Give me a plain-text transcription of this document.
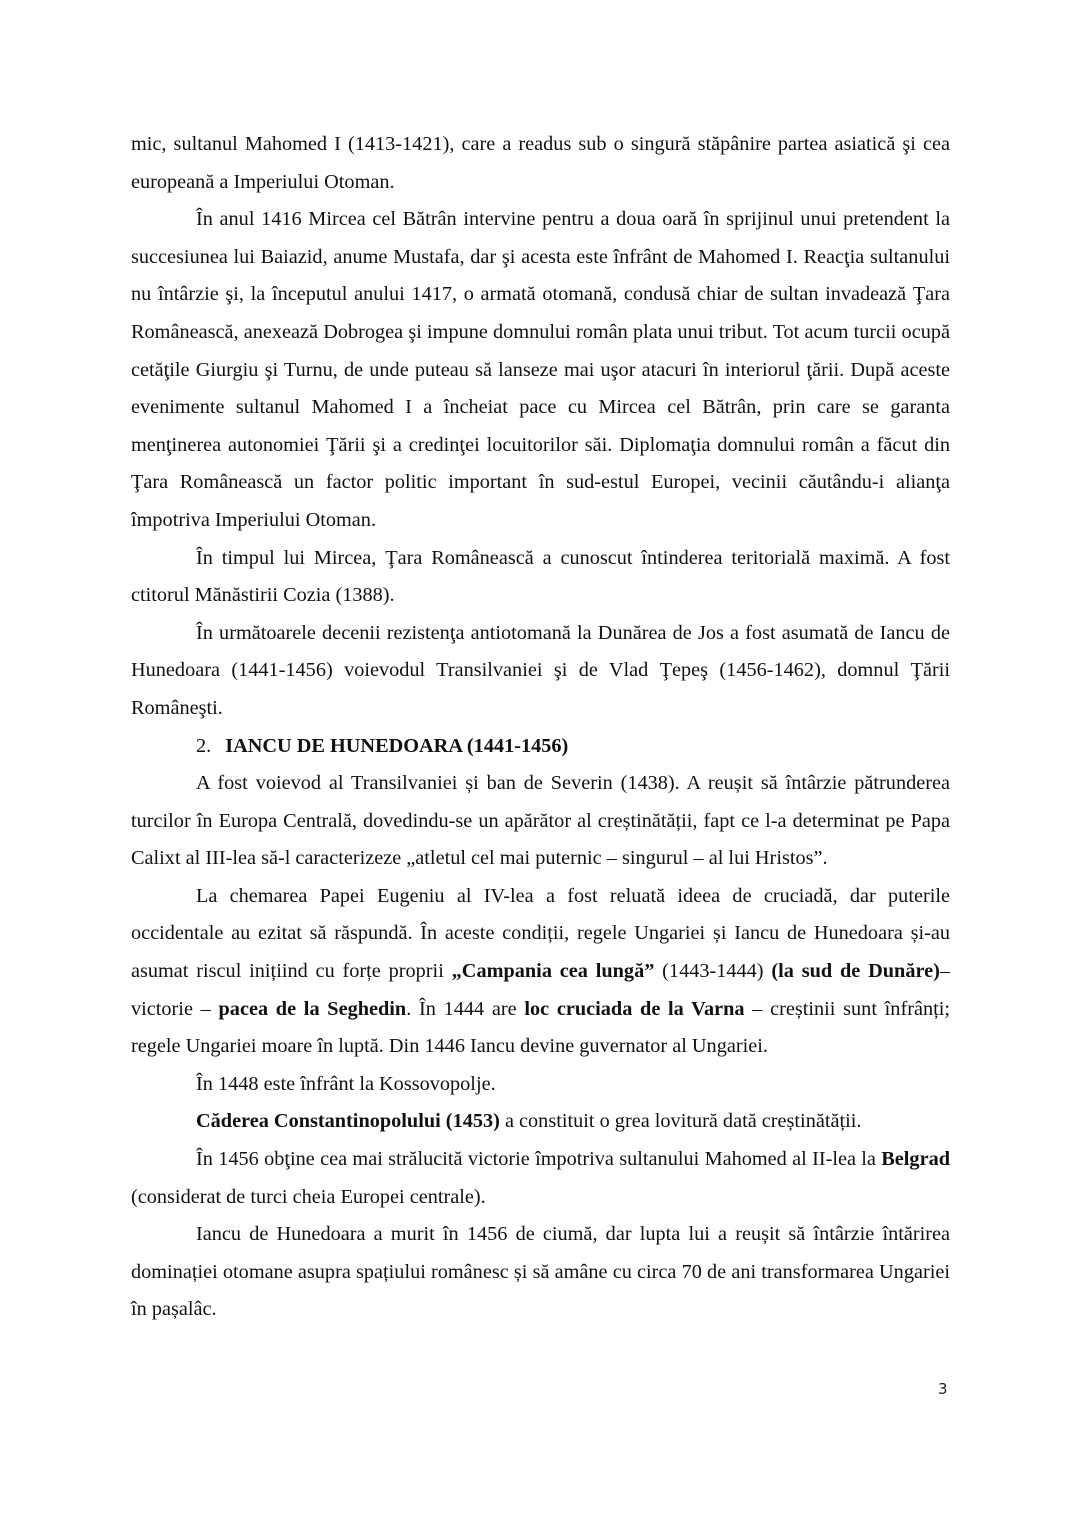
mic, sultanul Mahomed I (1413-1421), care a readus sub o singură stăpânire partea asiatică şi cea europeană a Imperiului Otoman.

În anul 1416 Mircea cel Bătrân intervine pentru a doua oară în sprijinul unui pretendent la succesiunea lui Baiazid, anume Mustafa, dar şi acesta este înfrânt de Mahomed I. Reacţia sultanului nu întârzie şi, la începutul anului 1417, o armată otomană, condusă chiar de sultan invadează Ţara Românească, anexează Dobrogea şi impune domnului român plata unui tribut. Tot acum turcii ocupă cetăţile Giurgiu şi Turnu, de unde puteau să lanseze mai uşor atacuri în interiorul ţării. După aceste evenimente sultanul Mahomed I a încheiat pace cu Mircea cel Bătrân, prin care se garanta menţinerea autonomiei Ţării şi a credinţei locuitorilor săi. Diplomaţia domnului român a făcut din Ţara Românească un factor politic important în sud-estul Europei, vecinii căutându-i alianţa împotriva Imperiului Otoman.

În timpul lui Mircea, Ţara Românească a cunoscut întinderea teritorială maximă. A fost ctitorul Mănăstirii Cozia (1388).

În următoarele decenii rezistenţa antiotomană la Dunărea de Jos a fost asumată de Iancu de Hunedoara (1441-1456) voievodul Transilvaniei şi de Vlad Ţepeş (1456-1462), domnul Ţării Româneşti.

2. IANCU DE HUNEDOARA (1441-1456)

A fost voievod al Transilvaniei și ban de Severin (1438). A reușit să întârzie pătrunderea turcilor în Europa Centrală, dovedindu-se un apărător al creștinătății, fapt ce l-a determinat pe Papa Calixt al III-lea să-l caracterizeze „atletul cel mai puternic – singurul – al lui Hristos”.

La chemarea Papei Eugeniu al IV-lea a fost reluată ideea de cruciadă, dar puterile occidentale au ezitat să răspundă. În aceste condiții, regele Ungariei și Iancu de Hunedoara și-au asumat riscul inițiind cu forțe proprii „Campania cea lungă” (1443-1444) (la sud de Dunăre)– victorie – pacea de la Seghedin. În 1444 are loc cruciada de la Varna – creștinii sunt înfrânți; regele Ungariei moare în luptă. Din 1446 Iancu devine guvernator al Ungariei.

În 1448 este înfrânt la Kossovopolje.

Căderea Constantinopolului (1453) a constituit o grea lovitură dată creștinătății.

În 1456 obţine cea mai strălucită victorie împotriva sultanului Mahomed al II-lea la Belgrad (considerat de turci cheia Europei centrale).

Iancu de Hunedoara a murit în 1456 de ciumă, dar lupta lui a reușit să întârzie întărirea dominației otomane asupra spațiului românesc și să amâne cu circa 70 de ani transformarea Ungariei în pașalâc.

3
